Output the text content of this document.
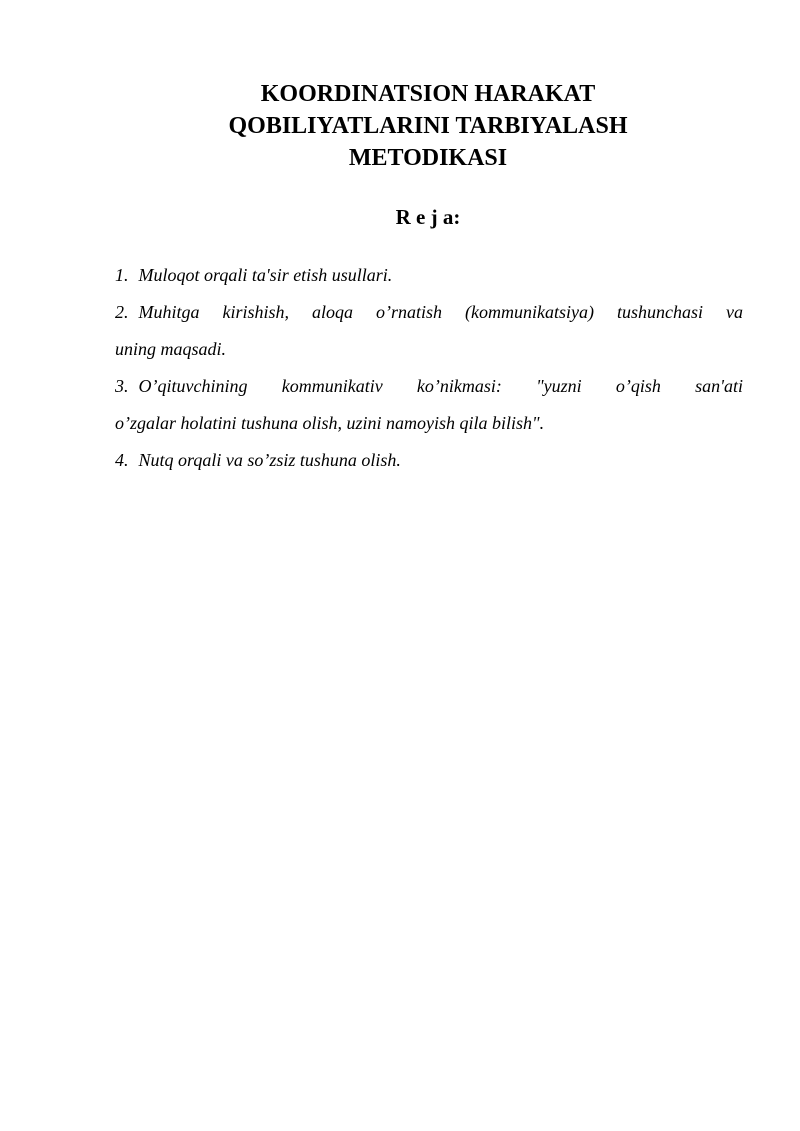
KOORDINATSION HARAKAT
QOBILIYATLARINI TARBIYALASH
METODIKASI
R e j a:
1. Muloqot orqali ta'sir etish usullari.
2. Muhitga kirishish, aloqa o’rnatish (kommunikatsiya) tushunchasi va
uning maqsadi.
3. O’qituvchining kommunikativ ko’nikmasi: "yuzni o’qish san'ati
o’zgalar holatini tushuna olish, uzini namoyish qila bilish".
4. Nutq orqali va so’zsiz tushuna olish.
